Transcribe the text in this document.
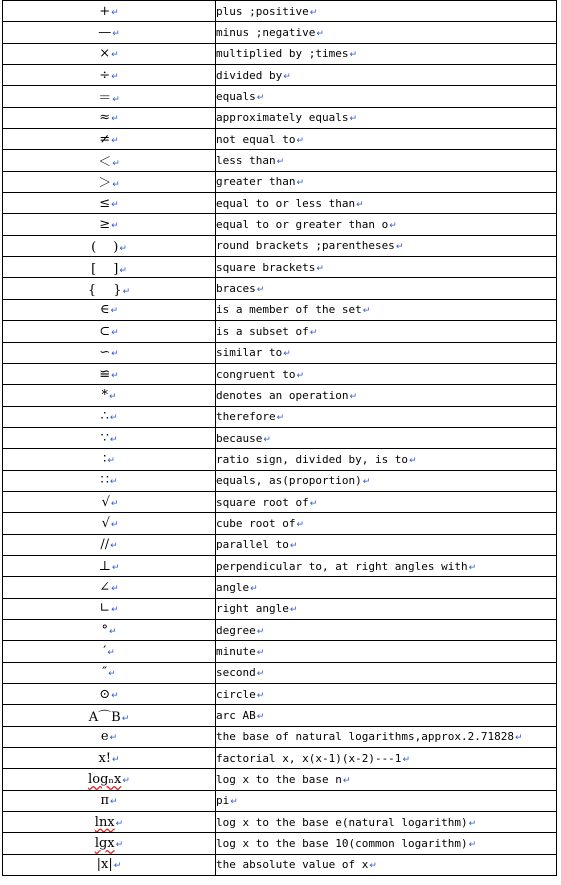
+↵	plus ;positive↵
—↵	minus ;negative↵
×↵	multiplied by ;times↵
÷↵	divided by↵
＝↵	equals↵
≈↵	approximately equals↵
≠↵	not equal to↵
＜↵	less than↵
＞↵	greater than↵
≤↵	equal to or less than↵
≥↵	equal to or greater than o↵
(　 )↵	round brackets ;parentheses↵
[　 ]↵	square brackets↵
{　 }↵	braces↵
∈↵	is a member of the set↵
⊂↵	is a subset of↵
∽↵	similar to↵
≌↵	congruent to↵
*↵	denotes an operation↵
∴↵	therefore↵
∵↵	because↵
∶↵	ratio sign, divided by, is to↵
∷↵	equals, as(proportion)↵
√↵	square root of↵
√↵	cube root of↵
//↵	parallel to↵
⊥↵	perpendicular to, at right angles with↵
∠↵	angle↵
∟↵	right angle↵
°↵	degree↵
′↵	minute↵
″↵	second↵
⊙↵	circle↵
A⌒B↵	arc AB↵
e↵	the base of natural logarithms,approx.2.71828↵
x!↵	factorial x, x(x-1)(x-2)---1↵
logₙx↵	log x to the base n↵
π↵	pi↵
lnx↵	log x to the base e(natural logarithm)↵
lgx↵	log x to the base 10(common logarithm)↵
|x|↵	the absolute value of x↵
